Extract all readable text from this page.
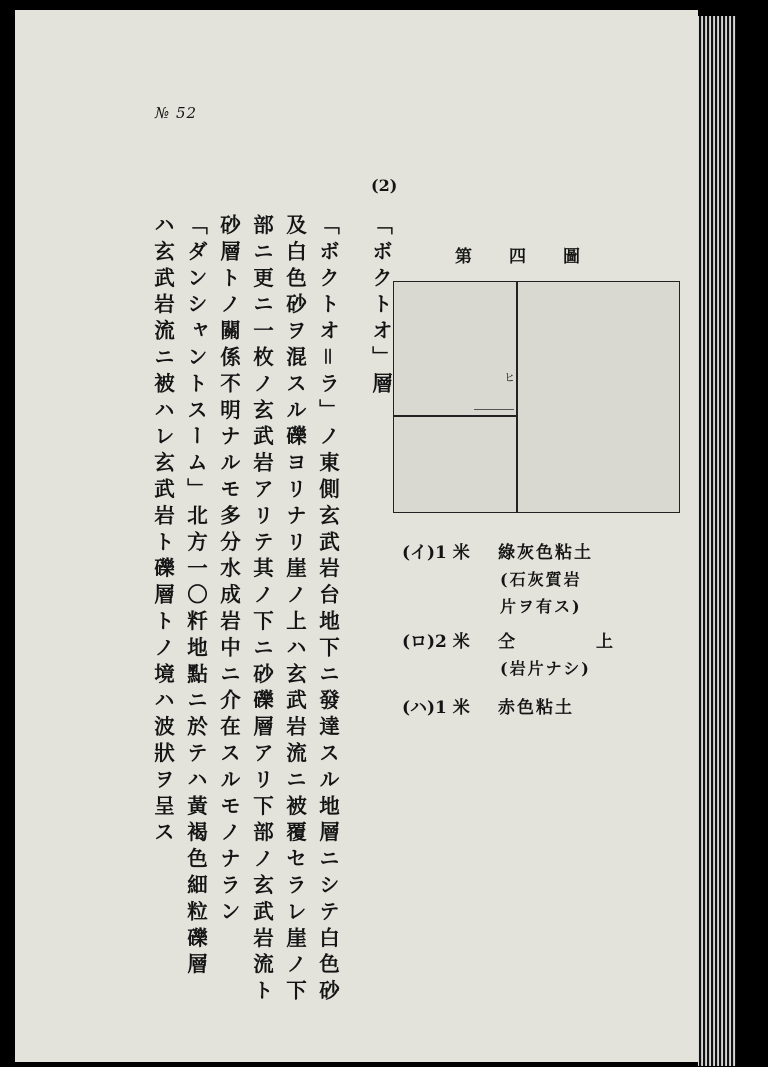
№ 52
(2)
「ボクトオ」層
「ボクトオ＝ラ」ノ東側玄武岩台地下ニ發達スル地層ニシテ白色砂
及白色砂ヲ混スル礫ヨリナリ崖ノ上ハ玄武岩流ニ被覆セラレ崖ノ下
部ニ更ニ一枚ノ玄武岩アリテ其ノ下ニ砂礫層アリ下部ノ玄武岩流ト
砂層トノ關係不明ナルモ多分水成岩中ニ介在スルモノナラン
「ダンシャントスーム」北方一〇粁地點ニ於テハ黃褐色細粒礫層
ハ玄武岩流ニ被ハレ玄武岩ト礫層トノ境ハ波狀ヲ呈ス	第 四 圖
ヒ
(イ) 1 米 綠灰色粘土
(石灰質岩
片ヲ有ス)
(ロ) 2 米 仝	上
(岩片ナシ)
(ハ) 1 米 赤色粘土
